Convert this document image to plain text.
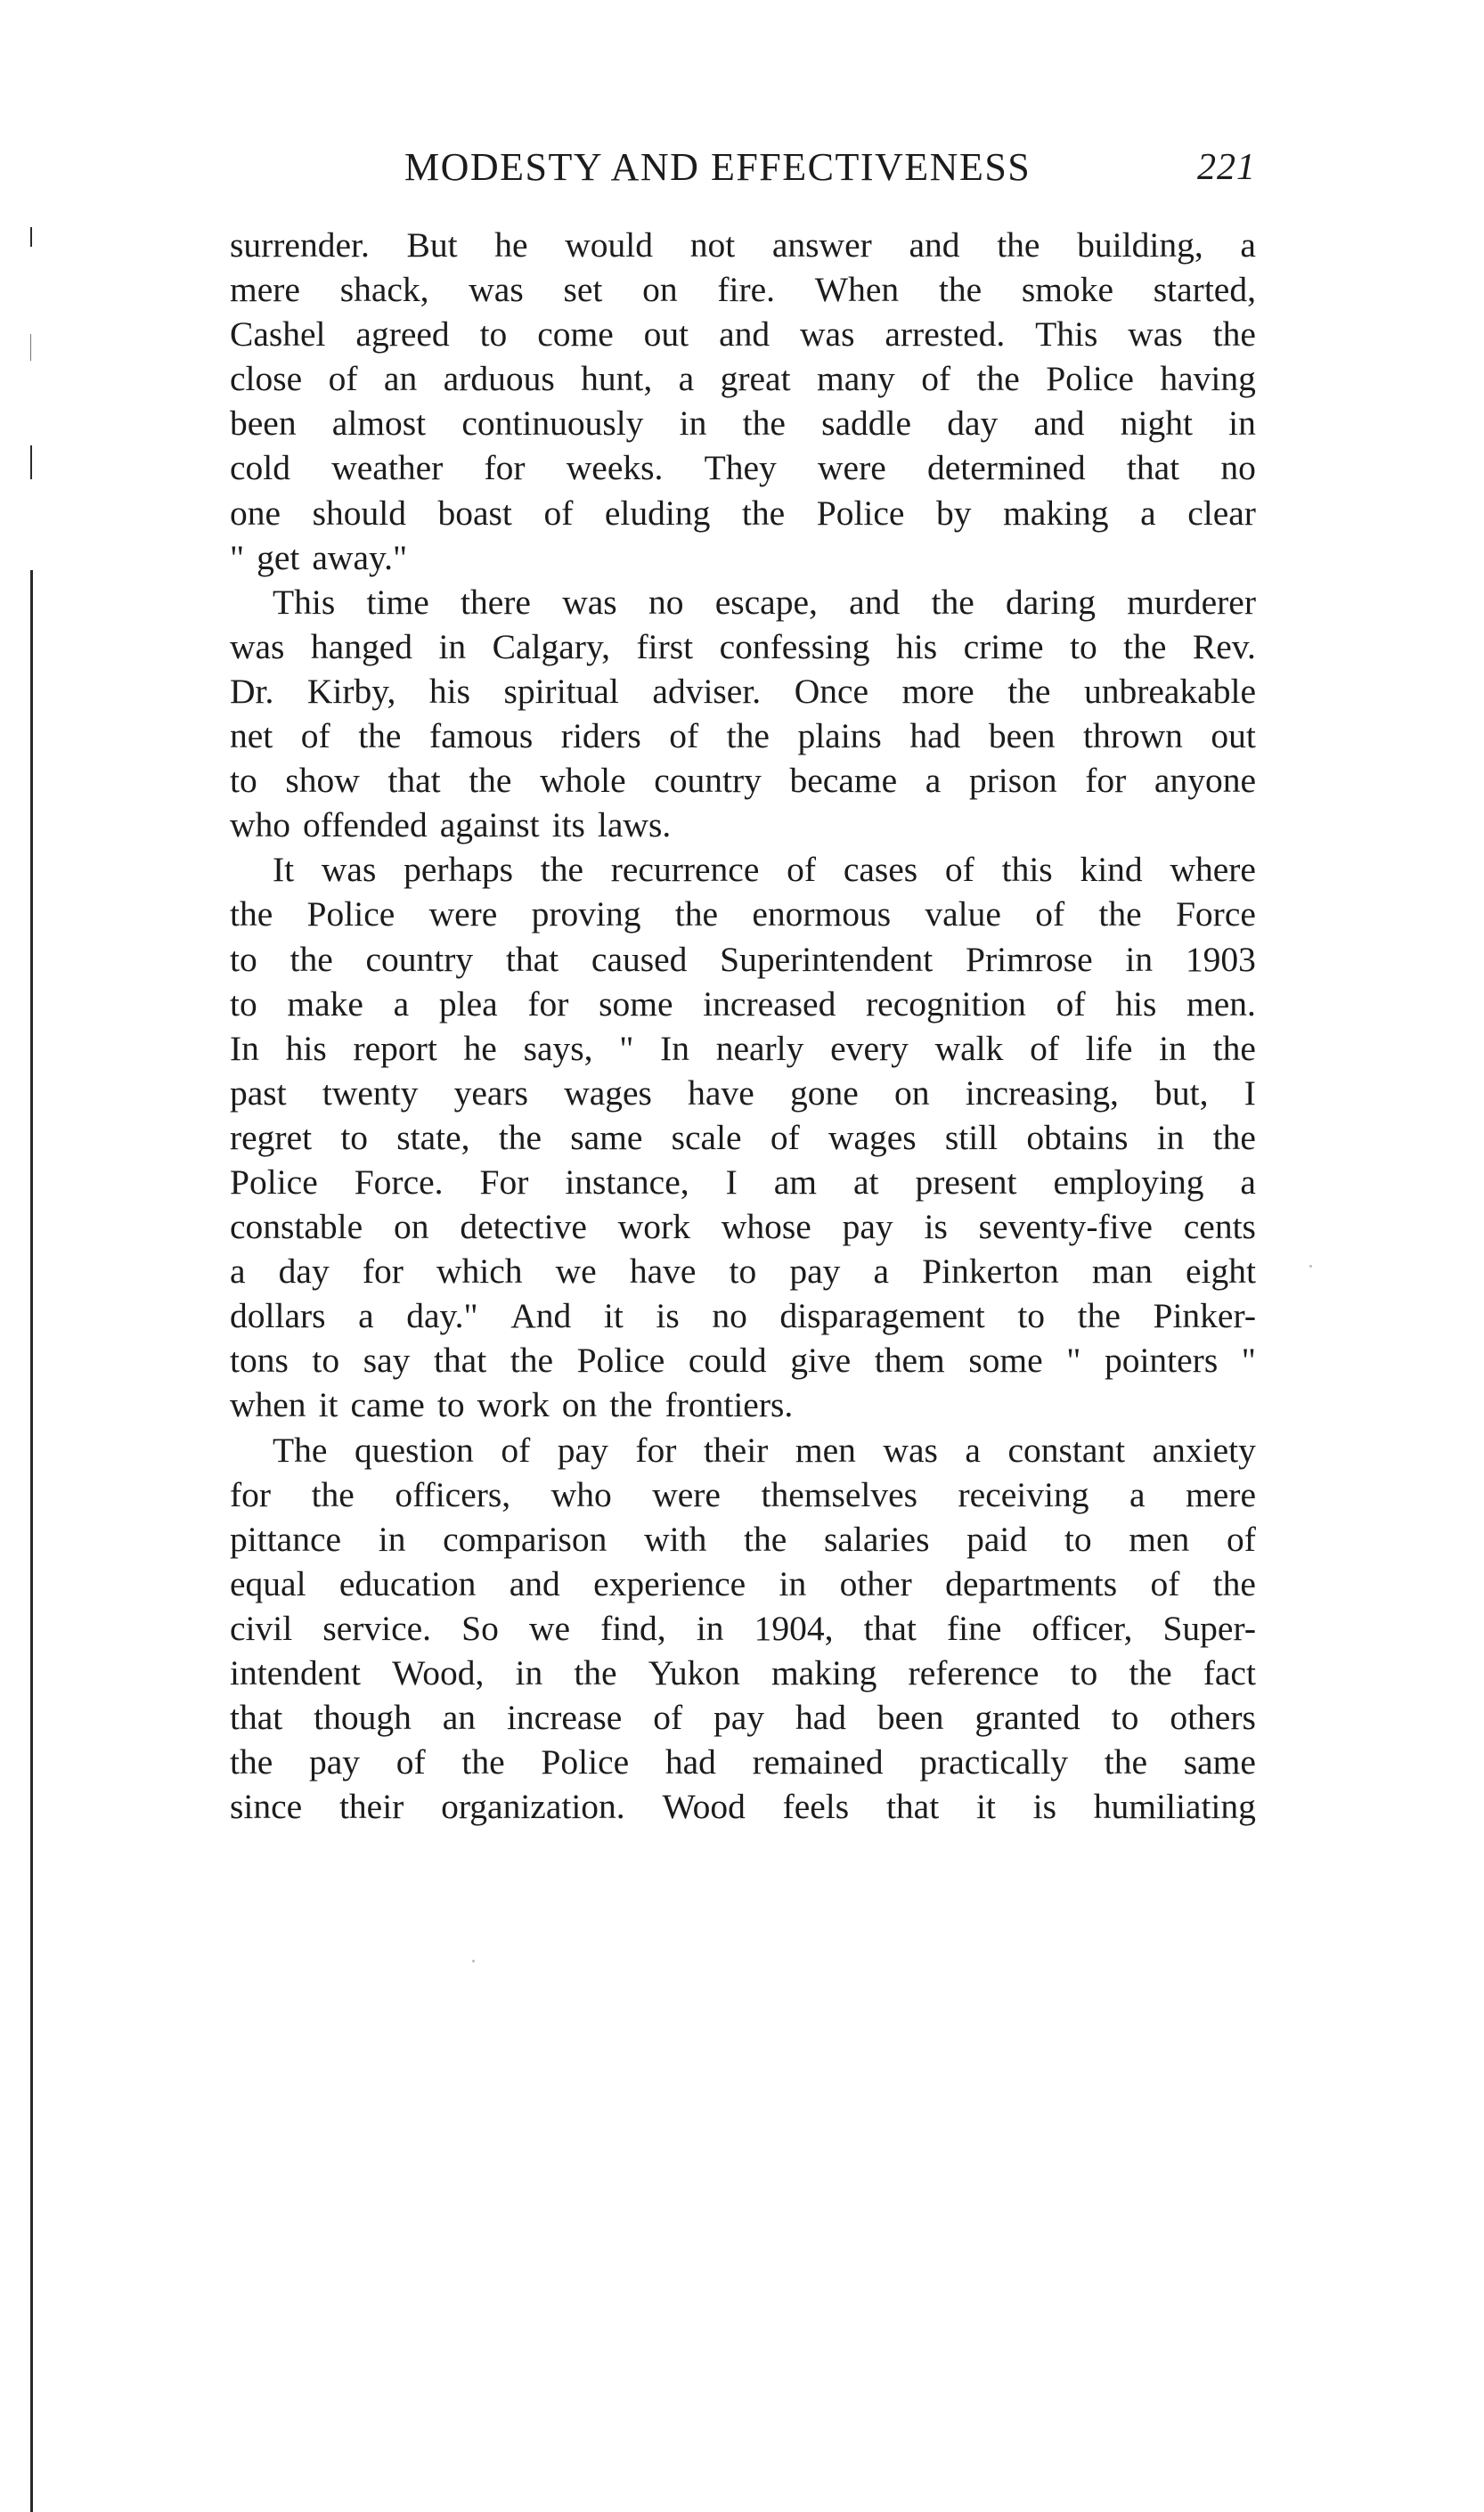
MODESTY AND EFFECTIVENESS	221
surrender. But he would not answer and the building, a
mere shack, was set on fire. When the smoke started,
Cashel agreed to come out and was arrested. This was the
close of an arduous hunt, a great many of the Police having
been almost continuously in the saddle day and night in
cold weather for weeks. They were determined that no
one should boast of eluding the Police by making a clear
" get away."
This time there was no escape, and the daring murderer
was hanged in Calgary, first confessing his crime to the Rev.
Dr. Kirby, his spiritual adviser. Once more the unbreakable
net of the famous riders of the plains had been thrown out
to show that the whole country became a prison for anyone
who offended against its laws.
It was perhaps the recurrence of cases of this kind where
the Police were proving the enormous value of the Force
to the country that caused Superintendent Primrose in 1903
to make a plea for some increased recognition of his men.
In his report he says, " In nearly every walk of life in the
past twenty years wages have gone on increasing, but, I
regret to state, the same scale of wages still obtains in the
Police Force. For instance, I am at present employing a
constable on detective work whose pay is seventy-five cents
a day for which we have to pay a Pinkerton man eight
dollars a day." And it is no disparagement to the Pinker-
tons to say that the Police could give them some " pointers "
when it came to work on the frontiers.
The question of pay for their men was a constant anxiety
for the officers, who were themselves receiving a mere
pittance in comparison with the salaries paid to men of
equal education and experience in other departments of the
civil service. So we find, in 1904, that fine officer, Super-
intendent Wood, in the Yukon making reference to the fact
that though an increase of pay had been granted to others
the pay of the Police had remained practically the same
since their organization. Wood feels that it is humiliating
